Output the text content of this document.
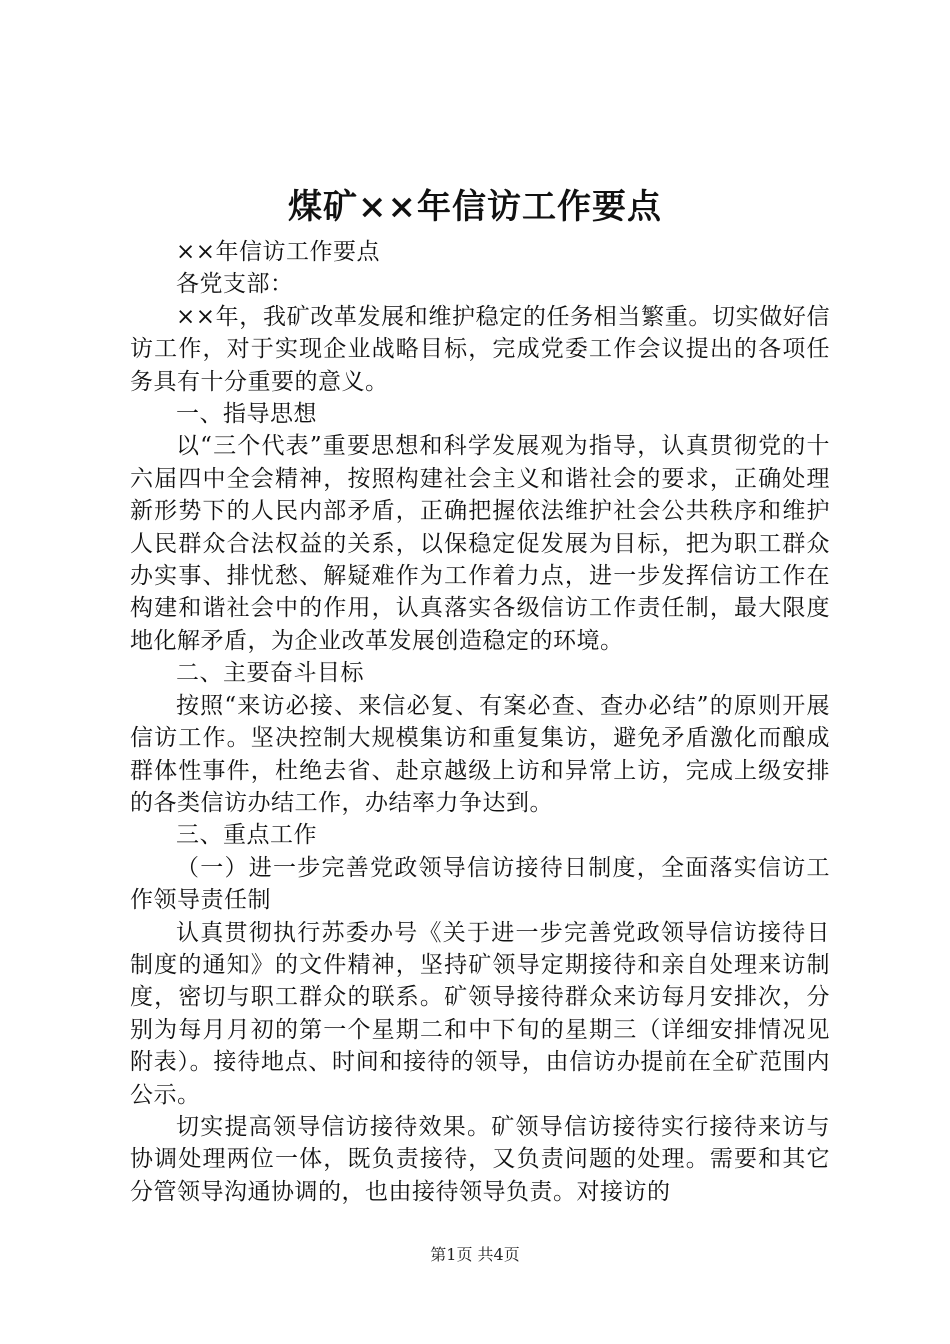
煤矿××年信访工作要点

××年信访工作要点

各党支部：

××年，我矿改革发展和维护稳定的任务相当繁重。切实做好信访工作，对于实现企业战略目标，完成党委工作会议提出的各项任务具有十分重要的意义。

一、指导思想

以“三个代表”重要思想和科学发展观为指导，认真贯彻党的十六届四中全会精神，按照构建社会主义和谐社会的要求，正确处理新形势下的人民内部矛盾，正确把握依法维护社会公共秩序和维护人民群众合法权益的关系，以保稳定促发展为目标，把为职工群众办实事、排忧愁、解疑难作为工作着力点，进一步发挥信访工作在构建和谐社会中的作用，认真落实各级信访工作责任制，最大限度地化解矛盾，为企业改革发展创造稳定的环境。

二、主要奋斗目标

按照“来访必接、来信必复、有案必查、查办必结”的原则开展信访工作。坚决控制大规模集访和重复集访，避免矛盾激化而酿成群体性事件，杜绝去省、赴京越级上访和异常上访，完成上级安排的各类信访办结工作，办结率力争达到。

三、重点工作

（一）进一步完善党政领导信访接待日制度，全面落实信访工作领导责任制

认真贯彻执行苏委办号《关于进一步完善党政领导信访接待日制度的通知》的文件精神，坚持矿领导定期接待和亲自处理来访制度，密切与职工群众的联系。矿领导接待群众来访每月安排次，分别为每月月初的第一个星期二和中下旬的星期三（详细安排情况见附表）。接待地点、时间和接待的领导，由信访办提前在全矿范围内公示。

切实提高领导信访接待效果。矿领导信访接待实行接待来访与协调处理两位一体，既负责接待，又负责问题的处理。需要和其它分管领导沟通协调的，也由接待领导负责。对接访的

第1页 共4页
